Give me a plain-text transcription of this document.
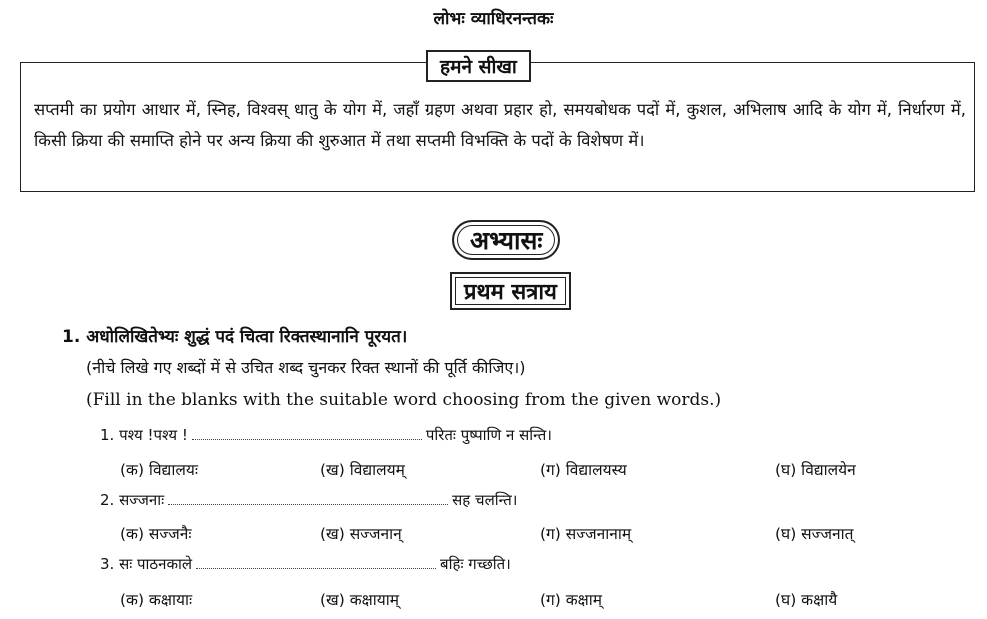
लोभः व्याधिरनन्तकः
हमने सीखा
सप्तमी का प्रयोग आधार में, स्निह, विश्वस् धातु के योग में, जहाँ ग्रहण अथवा प्रहार हो, समयबोधक पदों में, कुशल, अभिलाष आदि के योग में, निर्धारण में, किसी क्रिया की समाप्ति होने पर अन्य क्रिया की शुरुआत में तथा सप्तमी विभक्ति के पदों के विशेषण में।
अभ्यासः
प्रथम सत्राय
1. अधोलिखितेभ्यः शुद्धं पदं चित्वा रिक्तस्थानानि पूरयत।
(नीचे लिखे गए शब्दों में से उचित शब्द चुनकर रिक्त स्थानों की पूर्ति कीजिए।)
(Fill in the blanks with the suitable word choosing from the given words.)
1. पश्य !पश्य !	परितः पुष्पाणि न सन्ति।
(क) विद्यालयः	(ख) विद्यालयम्	(ग) विद्यालयस्य	(घ) विद्यालयेन
2. सज्जनाः	सह चलन्ति।
(क) सज्जनैः	(ख) सज्जनान्	(ग) सज्जनानाम्	(घ) सज्जनात्
3. सः पाठनकाले	बहिः गच्छति।
(क) कक्षायाः	(ख) कक्षायाम्	(ग) कक्षाम्	(घ) कक्षायै
